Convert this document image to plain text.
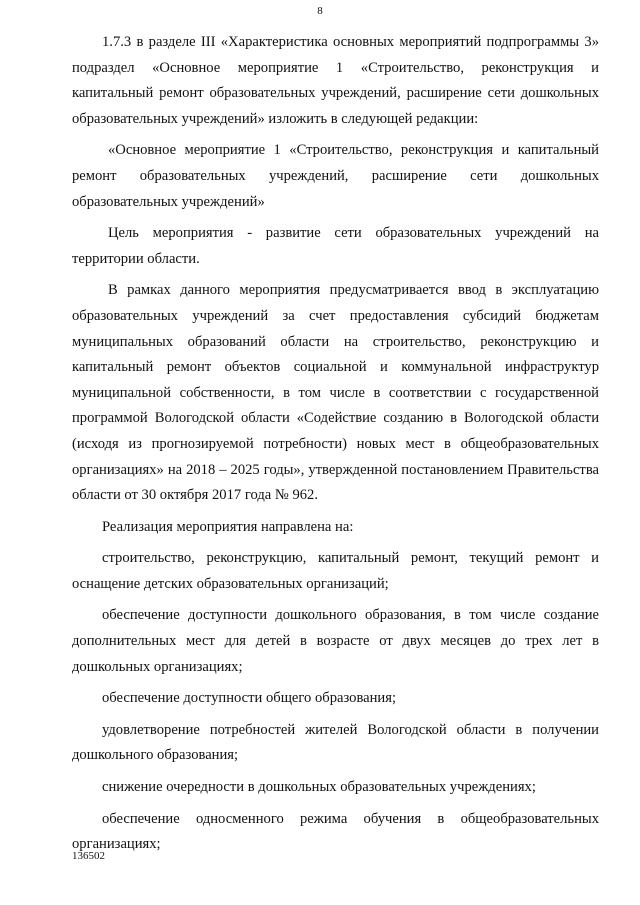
8

1.7.3 в разделе III «Характеристика основных мероприятий подпрограммы 3» подраздел «Основное мероприятие 1 «Строительство, реконструкция и капитальный ремонт образовательных учреждений, расширение сети дошкольных образовательных учреждений» изложить в следующей редакции:

«Основное мероприятие 1 «Строительство, реконструкция и капитальный ремонт образовательных учреждений, расширение сети дошкольных образовательных учреждений»

Цель мероприятия - развитие сети образовательных учреждений на территории области.

В рамках данного мероприятия предусматривается ввод в эксплуатацию образовательных учреждений за счет предоставления субсидий бюджетам муниципальных образований области на строительство, реконструкцию и капитальный ремонт объектов социальной и коммунальной инфраструктур муниципальной собственности, в том числе в соответствии с государственной программой Вологодской области «Содействие созданию в Вологодской области (исходя из прогнозируемой потребности) новых мест в общеобразовательных организациях» на 2018 – 2025 годы», утвержденной постановлением Правительства области от 30 октября 2017 года № 962.

Реализация мероприятия направлена на:

строительство, реконструкцию, капитальный ремонт, текущий ремонт и оснащение детских образовательных организаций;

обеспечение доступности дошкольного образования, в том числе создание дополнительных мест для детей в возрасте от двух месяцев до трех лет в дошкольных организациях;

обеспечение доступности общего образования;

удовлетворение потребностей жителей Вологодской области в получении дошкольного образования;

снижение очередности в дошкольных образовательных учреждениях;

обеспечение односменного режима обучения в общеобразовательных организациях;

136502
